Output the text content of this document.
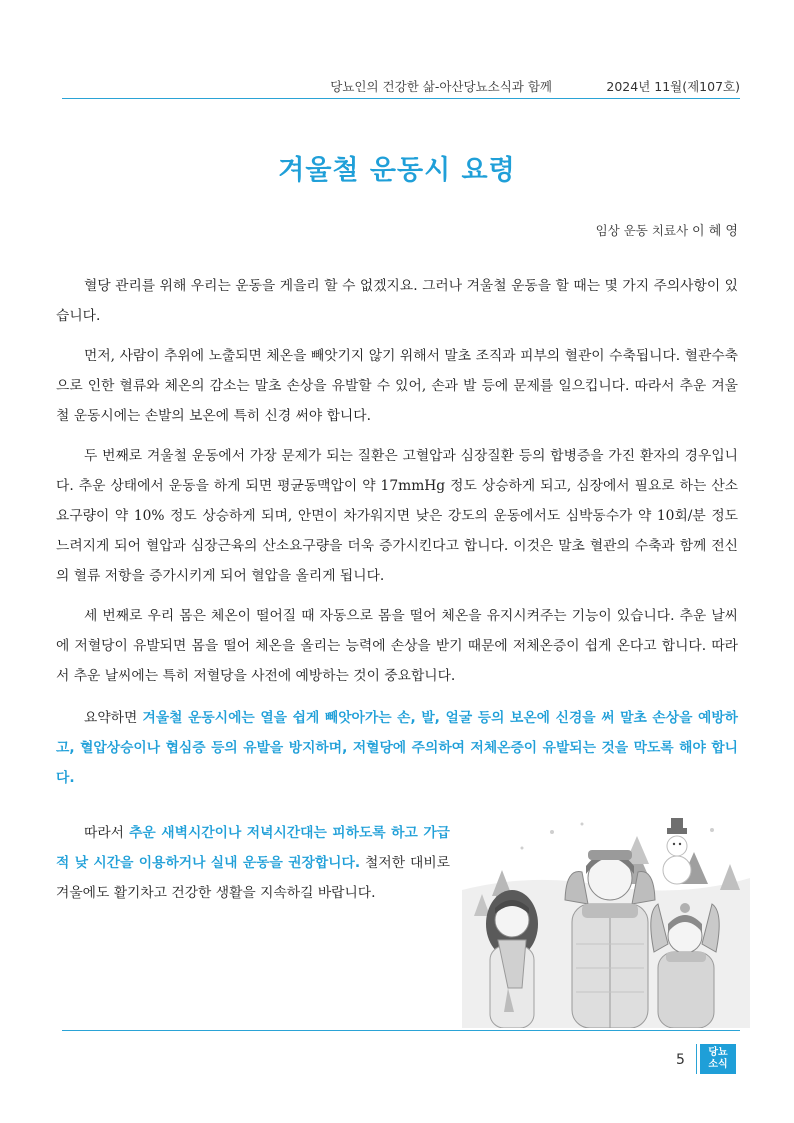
당뇨인의 건강한 삶-아산당뇨소식과 함께	2024년 11월(제107호)
겨울철 운동시 요령
임상 운동 치료사 이 혜 영

혈당 관리를 위해 우리는 운동을 게을리 할 수 없겠지요. 그러나 겨울철 운동을 할 때는 몇 가지 주의사항이 있습니다.

먼저, 사람이 추위에 노출되면 체온을 빼앗기지 않기 위해서 말초 조직과 피부의 혈관이 수축됩니다. 혈관수축으로 인한 혈류와 체온의 감소는 말초 손상을 유발할 수 있어, 손과 발 등에 문제를 일으킵니다. 따라서 추운 겨울철 운동시에는 손발의 보온에 특히 신경 써야 합니다.

두 번째로 겨울철 운동에서 가장 문제가 되는 질환은 고혈압과 심장질환 등의 합병증을 가진 환자의 경우입니다. 추운 상태에서 운동을 하게 되면 평균동맥압이 약 17mmHg 정도 상승하게 되고, 심장에서 필요로 하는 산소요구량이 약 10% 정도 상승하게 되며, 안면이 차가워지면 낮은 강도의 운동에서도 심박동수가 약 10회/분 정도 느려지게 되어 혈압과 심장근육의 산소요구량을 더욱 증가시킨다고 합니다. 이것은 말초 혈관의 수축과 함께 전신의 혈류 저항을 증가시키게 되어 혈압을 올리게 됩니다.

세 번째로 우리 몸은 체온이 떨어질 때 자동으로 몸을 떨어 체온을 유지시켜주는 기능이 있습니다. 추운 날씨에 저혈당이 유발되면 몸을 떨어 체온을 올리는 능력에 손상을 받기 때문에 저체온증이 쉽게 온다고 합니다. 따라서 추운 날씨에는 특히 저혈당을 사전에 예방하는 것이 중요합니다.

요약하면 겨울철 운동시에는 열을 쉽게 빼앗아가는 손, 발, 얼굴 등의 보온에 신경을 써 말초 손상을 예방하고, 혈압상승이나 협심증 등의 유발을 방지하며, 저혈당에 주의하여 저체온증이 유발되는 것을 막도록 해야 합니다.

따라서 추운 새벽시간이나 저녁시간대는 피하도록 하고 가급적 낮 시간을 이용하거나 실내 운동을 권장합니다. 철저한 대비로 겨울에도 활기차고 건강한 생활을 지속하길 바랍니다.

5	당뇨
소식
